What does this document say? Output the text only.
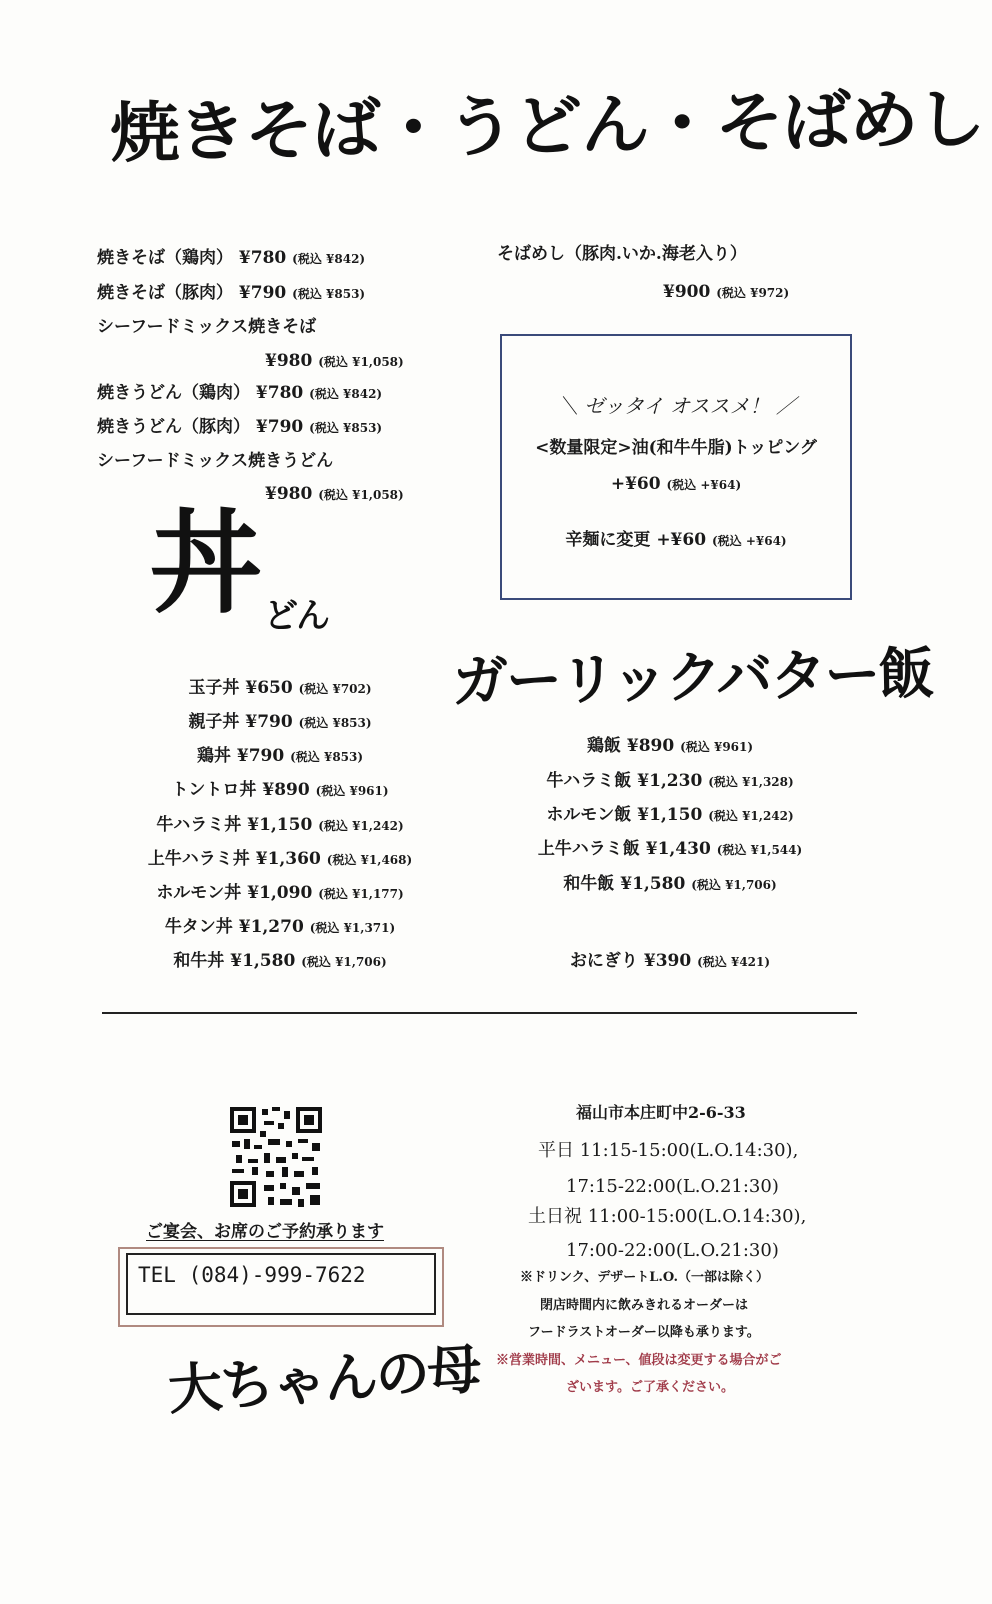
焼きそば・うどん・そばめし
焼きそば（鶏肉） ¥780 (税込 ¥842)
焼きそば（豚肉） ¥790 (税込 ¥853)
シーフードミックス焼きそば
¥980 (税込 ¥1,058)
焼きうどん（鶏肉） ¥780 (税込 ¥842)
焼きうどん（豚肉） ¥790 (税込 ¥853)
シーフードミックス焼きうどん
¥980 (税込 ¥1,058)
そばめし（豚肉.いか.海老入り）
¥900 (税込 ¥972)
＼ ゼッタイ オススメ！ ／
<数量限定>油(和牛牛脂)トッピング
+¥60 (税込 +¥64)
辛麺に変更 +¥60 (税込 +¥64)
丼 どん
玉子丼 ¥650 (税込 ¥702)
親子丼 ¥790 (税込 ¥853)
鶏丼 ¥790 (税込 ¥853)
トントロ丼 ¥890 (税込 ¥961)
牛ハラミ丼 ¥1,150 (税込 ¥1,242)
上牛ハラミ丼 ¥1,360 (税込 ¥1,468)
ホルモン丼 ¥1,090 (税込 ¥1,177)
牛タン丼 ¥1,270 (税込 ¥1,371)
和牛丼 ¥1,580 (税込 ¥1,706)
ガーリックバター飯
鶏飯 ¥890 (税込 ¥961)
牛ハラミ飯 ¥1,230 (税込 ¥1,328)
ホルモン飯 ¥1,150 (税込 ¥1,242)
上牛ハラミ飯 ¥1,430 (税込 ¥1,544)
和牛飯 ¥1,580 (税込 ¥1,706)
おにぎり ¥390 (税込 ¥421)
ご宴会、お席のご予約承ります
TEL (084)-999-7622
大ちゃんの母
福山市本庄町中2-6-33
平日 11:15-15:00(L.O.14:30),
17:15-22:00(L.O.21:30)
土日祝 11:00-15:00(L.O.14:30),
17:00-22:00(L.O.21:30)
※ドリンク、デザートL.O.（一部は除く）
閉店時間内に飲みきれるオーダーは
フードラストオーダー以降も承ります。
※営業時間、メニュー、値段は変更する場合がご
ざいます。ご了承ください。
